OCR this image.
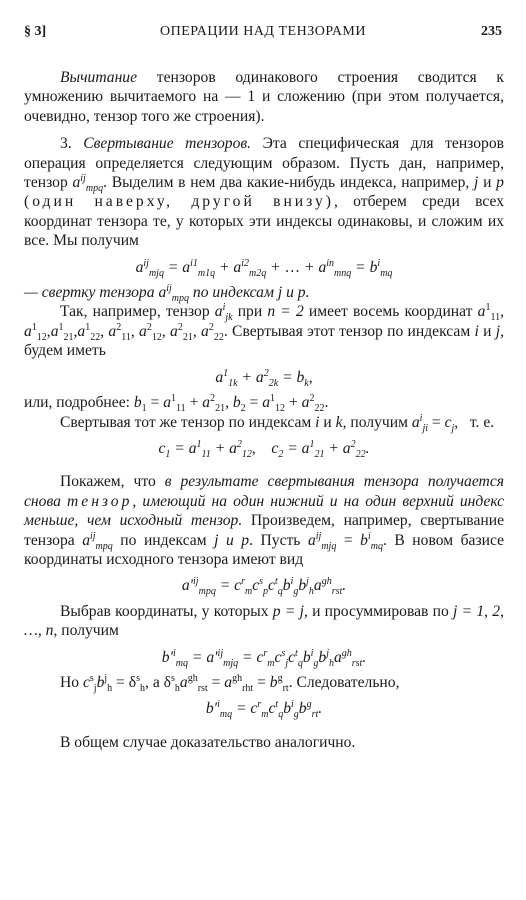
§ 3]	ОПЕРАЦИИ НАД ТЕНЗОРАМИ	235

Вычитание тензоров одинакового строения сводится к умножению вычитаемого на — 1 и сложению (при этом получается, очевидно, тензор того же строения).

3. Свертывание тензоров. Эта специфическая для тензоров операция определяется следующим образом. Пусть дан, например, тензор $a^{ij}_{mpq}$. Выделим в нем два какие-нибудь индекса, например, j и p (один наверху, другой внизу), отберем среди всех координат тензора те, у которых эти индексы одинаковы, и сложим их все. Мы получим

$a^{ij}_{mjq} = a^{i1}_{m1q} + a^{i2}_{m2q}$ + … + $a^{in}_{mnq} = b^i_{mq}$

— свертку тензора $a^{ij}_{mpq}$ по индексам j и p.

Так, например, тензор $a^i_{jk}$ при n = 2 имеет восемь координат $a^1_{11}$, $a^1_{12},a^1_{21},a^1_{22}$, $a^2_{11}$, $a^2_{12}$, $a^2_{21}$, $a^2_{22}$. Свертывая этот тензор по индексам i и j, будем иметь

$a^1_{1k} + a^2_{2k} = b_k$,

или, подробнее: $b_1 = a^1_{11} + a^2_{21}$, $b_2 = a^1_{12} + a^2_{22}$.

Свертывая тот же тензор по индексам i и k, получим $a^i_{ji} = c_j$,   т. е.

$c_1 = a^1_{11} + a^2_{12}$,    $c_2 = a^1_{21} + a^2_{22}$.

Покажем, что в результате свертывания тензора получается снова тензор, имеющий на один нижний и на один верхний индекс меньше, чем исходный тензор. Произведем, например, свертывание тензора $a^{ij}_{mpq}$ по индексам j и p. Пусть $a^{ij}_{mjq} = b^i_{mq}$. В новом базисе координаты исходного тензора имеют вид

$a'^{ij}_{mpq} = c^r_mc^s_pc^t_qb^i_gb^j_ha^{gh}_{rst}$.

Выбрав координаты, у которых p = j, и просуммировав по j = 1, 2, …, n, получим

$b'^i_{mq} = a'^{ij}_{mjq} = c^r_mc^s_jc^t_qb^i_gb^j_ha^{gh}_{rst}$.

Но $c^s_jb^j_h = \delta^s_h$, а $\delta^s_ha^{gh}_{rst} = a^{gh}_{rht} = b^g_{rt}$. Следовательно,

$b'^i_{mq} = c^r_mc^t_qb^i_gb^g_{rt}$.

В общем случае доказательство аналогично.
